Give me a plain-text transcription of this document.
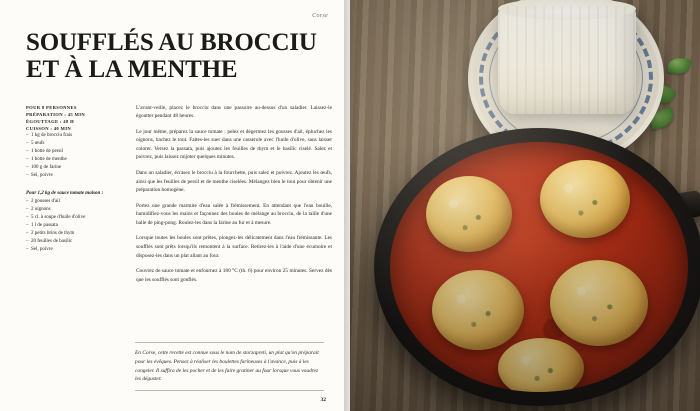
Corse
SOUFFLÉS AU BROCCIU
ET À LA MENTHE
POUR 8 PERSONNES
PRÉPARATION : 45 MIN
ÉGOUTTAGE : 48 H
CUISSON : 40 MIN
– 1 kg de brocciu frais
– 5 œufs
– 1 botte de persil
– 1 botte de menthe
– 100 g de farine
– Sel, poivre
Pour 1,2 kg de sauce tomate maison :
– 2 gousses d'ail
– 2 oignons
– 5 cl. à soupe d'huile d'olive
– 1 l de passata
– 2 petits brins de thym
– 20 feuilles de basilic
– Sel, poivre

L'avant-veille, placez le brocciu dans une passoire au-dessus d'un saladier. Laissez-le égoutter pendant 48 heures.

Le jour même, préparez la sauce tomate : pelez et dégermez les gousses d'ail, épluchez les oignons, hachez le tout. Faites-les suer dans une casserole avec l'huile d'olive, sans laisser colorer. Versez la passata, puis ajoutez les feuilles de thym et le basilic ciselé. Salez et poivrez, puis laissez mijoter quelques minutes.

Dans un saladier, écrasez le brocciu à la fourchette, puis salez et poivrez. Ajoutez les œufs, ainsi que les feuilles de persil et de menthe ciselées. Mélangez bien le tout pour obtenir une préparation homogène.

Portez une grande marmite d'eau salée à frémissement. En attendant que l'eau bouille, humidifiez-vous les mains et façonnez des boules de mélange au brocciu, de la taille d'une balle de ping-pong. Roulez-les dans la farine au fur et à mesure.

Lorsque toutes les boules sont prêtes, plongez-les délicatement dans l'eau frémissante. Les soufflés sont prêts lorsqu'ils remontent à la surface. Retirez-les à l'aide d'une écumoire et disposez-les dans un plat allant au four.

Couvrez de sauce tomate et enfournez à 180 °C (th. 6) pour environ 25 minutes. Servez dès que les soufflés sont gonflés.

En Corse, cette recette est connue sous le nom de storzapreti, un plat qu'on préparait pour les évêques. Pensez à réaliser les boulettes farineuses à l'avance, puis à les congeler. Il suffira de les pocher et de les faire gratiner au four lorsque vous voudrez les déguster.

32
